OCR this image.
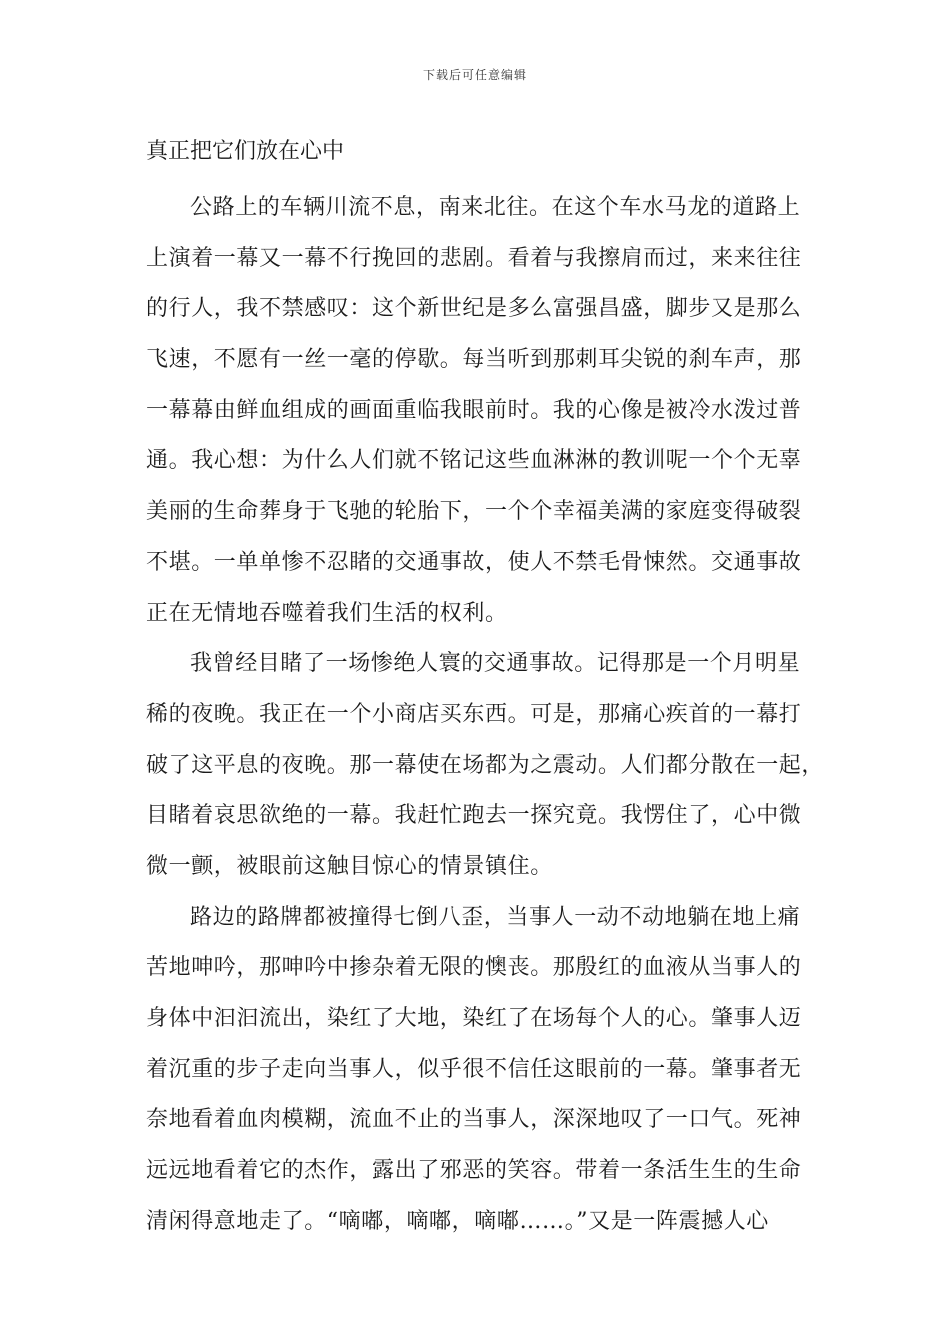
下载后可任意编辑
真正把它们放在心中
公路上的车辆川流不息，南来北往。在这个车水马龙的道路上
上演着一幕又一幕不行挽回的悲剧。看着与我擦肩而过，来来往往
的行人，我不禁感叹：这个新世纪是多么富强昌盛，脚步又是那么
飞速，不愿有一丝一毫的停歇。每当听到那刺耳尖锐的刹车声，那
一幕幕由鲜血组成的画面重临我眼前时。我的心像是被冷水泼过普
通。我心想：为什么人们就不铭记这些血淋淋的教训呢一个个无辜
美丽的生命葬身于飞驰的轮胎下，一个个幸福美满的家庭变得破裂
不堪。一单单惨不忍睹的交通事故，使人不禁毛骨悚然。交通事故
正在无情地吞噬着我们生活的权利。
我曾经目睹了一场惨绝人寰的交通事故。记得那是一个月明星
稀的夜晚。我正在一个小商店买东西。可是，那痛心疾首的一幕打
破了这平息的夜晚。那一幕使在场都为之震动。人们都分散在一起，
目睹着哀思欲绝的一幕。我赶忙跑去一探究竟。我愣住了，心中微
微一颤，被眼前这触目惊心的情景镇住。
路边的路牌都被撞得七倒八歪，当事人一动不动地躺在地上痛
苦地呻吟，那呻吟中掺杂着无限的懊丧。那殷红的血液从当事人的
身体中汩汩流出，染红了大地，染红了在场每个人的心。肇事人迈
着沉重的步子走向当事人，似乎很不信任这眼前的一幕。肇事者无
奈地看着血肉模糊，流血不止的当事人，深深地叹了一口气。死神
远远地看着它的杰作，露出了邪恶的笑容。带着一条活生生的生命
清闲得意地走了。“嘀嘟，嘀嘟，嘀嘟……。”又是一阵震撼人心
